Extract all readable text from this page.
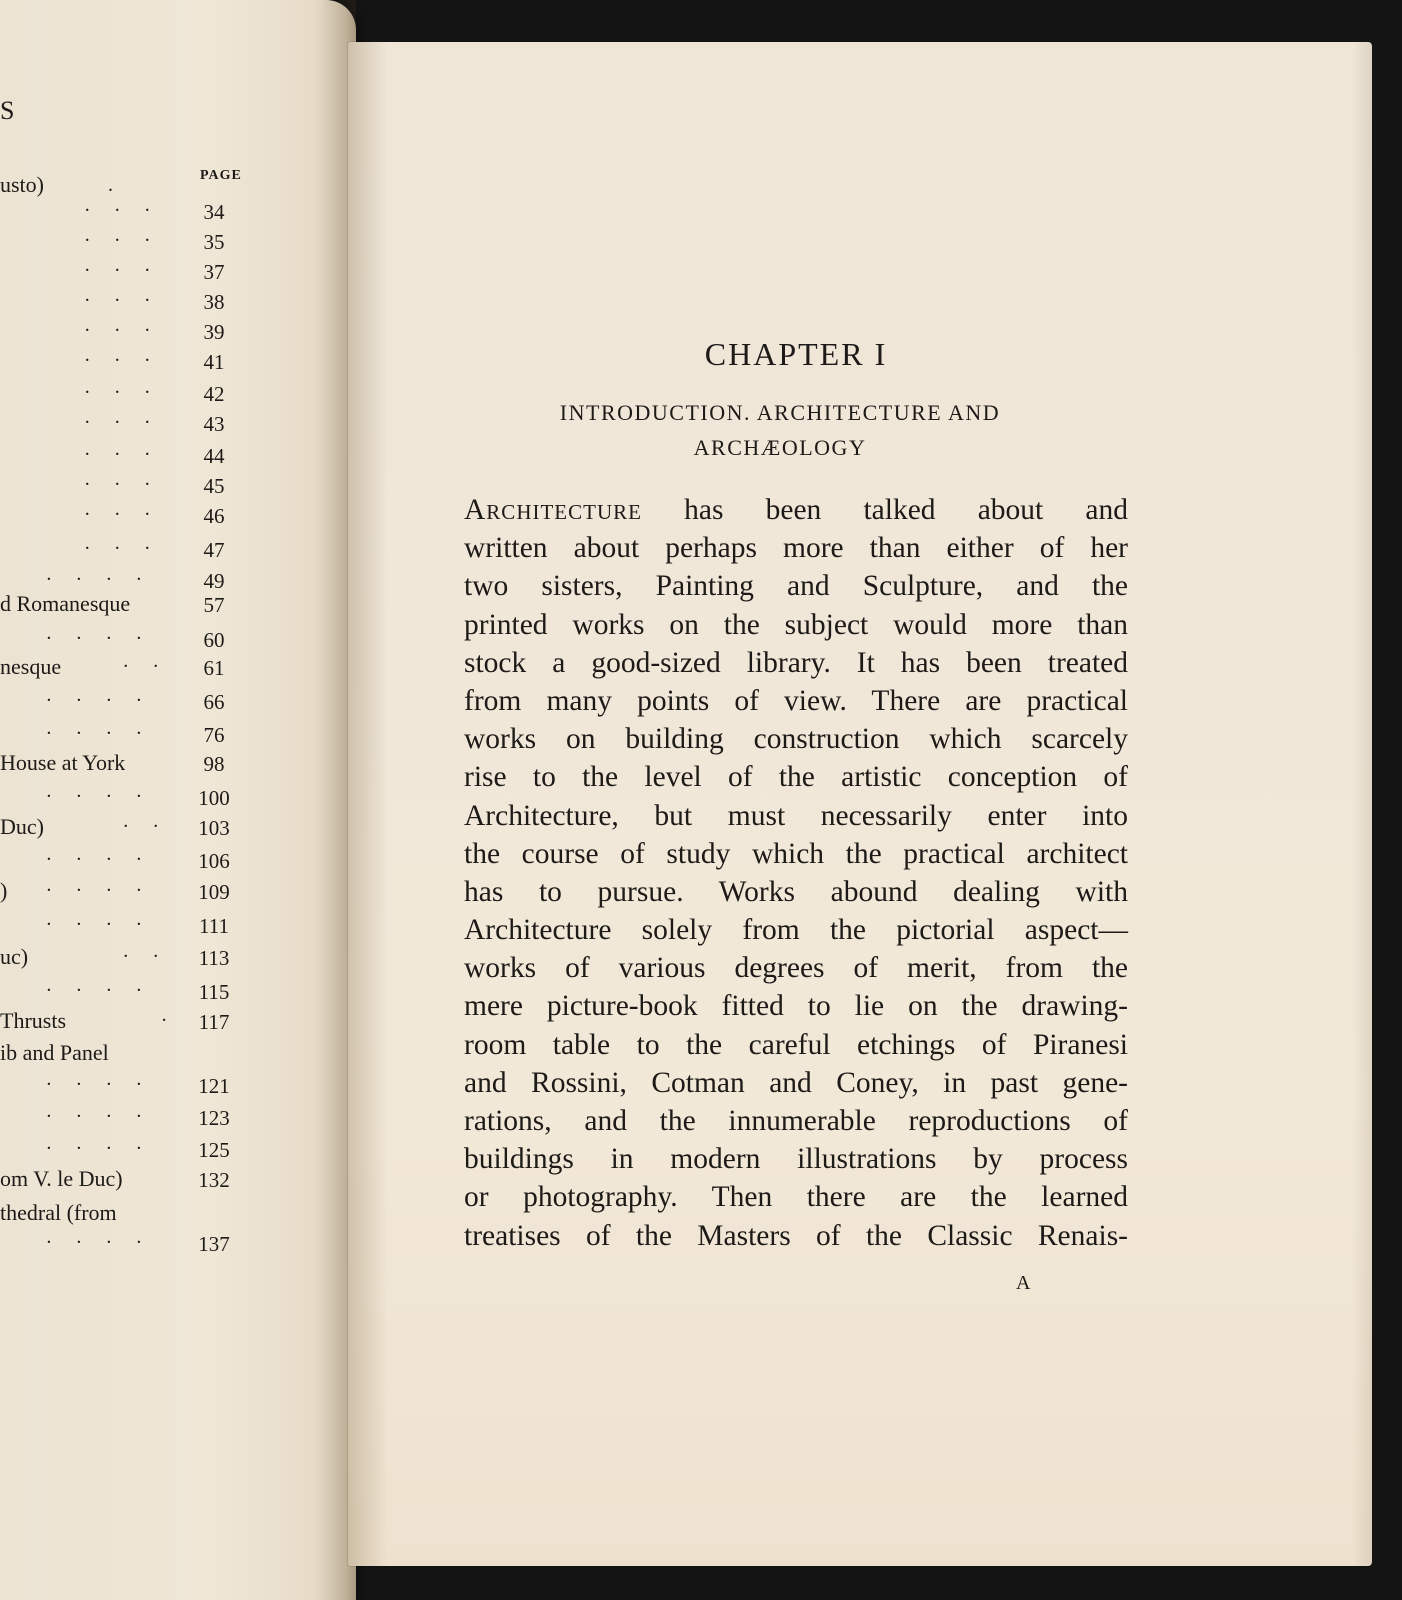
S
PAGE
usto)	.
.     .     .	34
.     .     .	35
.     .     .	37
.     .     .	38
.     .     .	39
.     .     .	41
.     .     .	42
.     .     .	43
.     .     .	44
.     .     .	45
.     .     .	46
.     .     .	47
.     .     .     .	49
d Romanesque	57
.     .     .     .	60
nesque	.     .	61
.     .     .     .	66
.     .     .     .	76
House at York	98
.     .     .     .	100
Duc)	.     .	103
.     .     .     .	106
) .     .     .     .	109
.     .     .     .	111
uc)	.     .	113
.     .     .     .	115
Thrusts	.	117
ib and Panel
.     .     .     .	121
.     .     .     .	123
.     .     .     .	125
om V. le Duc)	132
thedral (from
.     .     .     .	137
CHAPTER I
INTRODUCTION. ARCHITECTURE AND
ARCHÆOLOGY
Architecture has been talked about and
written about perhaps more than either of her
two sisters, Painting and Sculpture, and the
printed works on the subject would more than
stock a good-sized library. It has been treated
from many points of view. There are practical
works on building construction which scarcely
rise to the level of the artistic conception of
Architecture, but must necessarily enter into
the course of study which the practical architect
has to pursue. Works abound dealing with
Architecture solely from the pictorial aspect—
works of various degrees of merit, from the
mere picture-book fitted to lie on the drawing-
room table to the careful etchings of Piranesi
and Rossini, Cotman and Coney, in past gene-
rations, and the innumerable reproductions of
buildings in modern illustrations by process
or photography. Then there are the learned
treatises of the Masters of the Classic Renais-
A
